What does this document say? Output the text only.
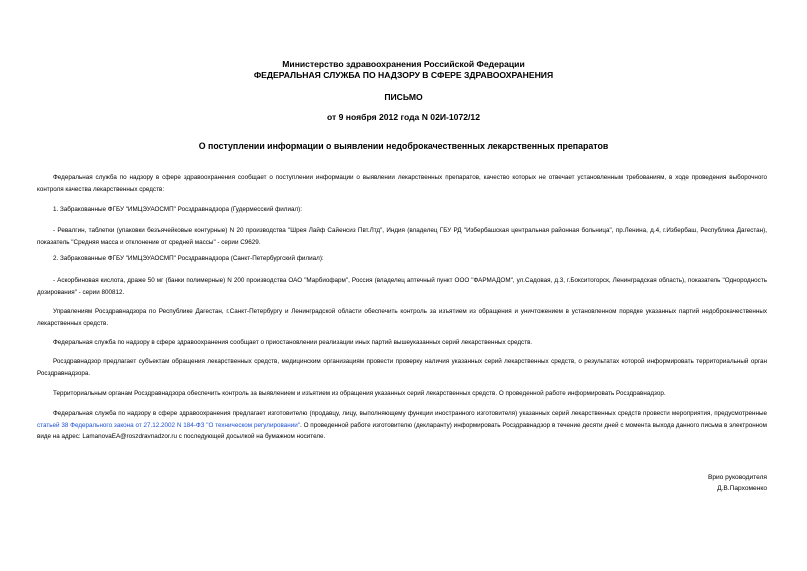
Министерство здравоохранения Российской Федерации
ФЕДЕРАЛЬНАЯ СЛУЖБА ПО НАДЗОРУ В СФЕРЕ ЗДРАВООХРАНЕНИЯ
ПИСЬМО
от 9 ноября 2012 года N 02И-1072/12
О поступлении информации о выявлении недоброкачественных лекарственных препаратов

Федеральная служба по надзору в сфере здравоохранения сообщает о поступлении информации о выявлении лекарственных препаратов, качество которых не отвечает установленным требованиям, в ходе проведения выборочного контроля качества лекарственных средств:

1. Забракованные ФГБУ "ИМЦЭУАОСМП" Росздравнадзора (Гудермесский филиал):

- Ревалгин, таблетки (упаковки безъячейковые контурные) N 20 производства "Шрея Лайф Сайенсиз Пвт.Лтд", Индия (владелец ГБУ РД "Избербашская центральная районная больница", пр.Ленина, д.4, г.Избербаш, Республика Дагестан), показатель "Средняя масса и отклонение от средней массы" - серии С9629.

2. Забракованные ФГБУ "ИМЦЭУАОСМП" Росздравнадзора (Санкт-Петербургский филиал):

- Аскорбиновая кислота, драже 50 мг (банки полимерные) N 200 производства ОАО "Марбиофарм", Россия (владелец аптечный пункт ООО "ФАРМАДОМ", ул.Садовая, д.3, г.Бокситогорск, Ленинградская область), показатель "Однородность дозирования" - серии 800812.

Управлениям Росздравнадзора по Республике Дагестан, г.Санкт-Петербургу и Ленинградской области обеспечить контроль за изъятием из обращения и уничтожением в установленном порядке указанных партий недоброкачественных лекарственных средств.

Федеральная служба по надзору в сфере здравоохранения сообщает о приостановлении реализации иных партий вышеуказанных серий лекарственных средств.

Росздравнадзор предлагает субъектам обращения лекарственных средств, медицинским организациям провести проверку наличия указанных серий лекарственных средств, о результатах которой информировать территориальный орган Росздравнадзора.

Территориальным органам Росздравнадзора обеспечить контроль за выявлением и изъятием из обращения указанных серий лекарственных средств. О проведенной работе информировать Росздравнадзор.

Федеральная служба по надзору в сфере здравоохранения предлагает изготовителю (продавцу, лицу, выполняющему функции иностранного изготовителя) указанных серий лекарственных средств провести мероприятия, предусмотренные статьей 38 Федерального закона от 27.12.2002 N 184-ФЗ "О техническом регулировании". О проведенной работе изготовителю (декларанту) информировать Росздравнадзор в течение десяти дней с момента выхода данного письма в электронном виде на адрес: LamanovaEA@roszdravnadzor.ru с последующей досылкой на бумажном носителе.

Врио руководителя
Д.В.Пархоменко
